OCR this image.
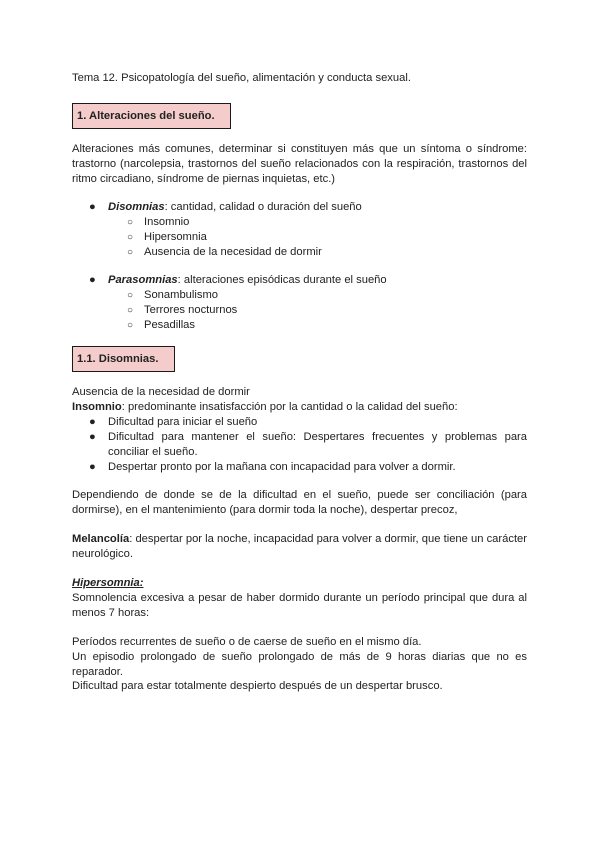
Tema 12. Psicopatología del sueño, alimentación y conducta sexual.

1. Alteraciones del sueño.

Alteraciones más comunes, determinar si constituyen más que un síntoma o síndrome: trastorno (narcolepsia, trastornos del sueño relacionados con la respiración, trastornos del ritmo circadiano, síndrome de piernas inquietas, etc.)

● Disomnias: cantidad, calidad o duración del sueño
○ Insomnio
○ Hipersomnia
○ Ausencia de la necesidad de dormir
● Parasomnias: alteraciones episódicas durante el sueño
○ Sonambulismo
○ Terrores nocturnos
○ Pesadillas
1.1. Disomnias.

Ausencia de la necesidad de dormir

Insomnio: predominante insatisfacción por la cantidad o la calidad del sueño:

● Dificultad para iniciar el sueño
● Dificultad para mantener el sueño: Despertares frecuentes y problemas para conciliar el sueño.
● Despertar pronto por la mañana con incapacidad para volver a dormir.

Dependiendo de donde se de la dificultad en el sueño, puede ser conciliación (para dormirse), en el mantenimiento (para dormir toda la noche), despertar precoz,

Melancolía: despertar por la noche, incapacidad para volver a dormir, que tiene un carácter neurológico.

Hipersomnia:

Somnolencia excesiva a pesar de haber dormido durante un período principal que dura al menos 7 horas:

Períodos recurrentes de sueño o de caerse de sueño en el mismo día.

Un episodio prolongado de sueño prolongado de más de 9 horas diarias que no es reparador.

Dificultad para estar totalmente despierto después de un despertar brusco.
